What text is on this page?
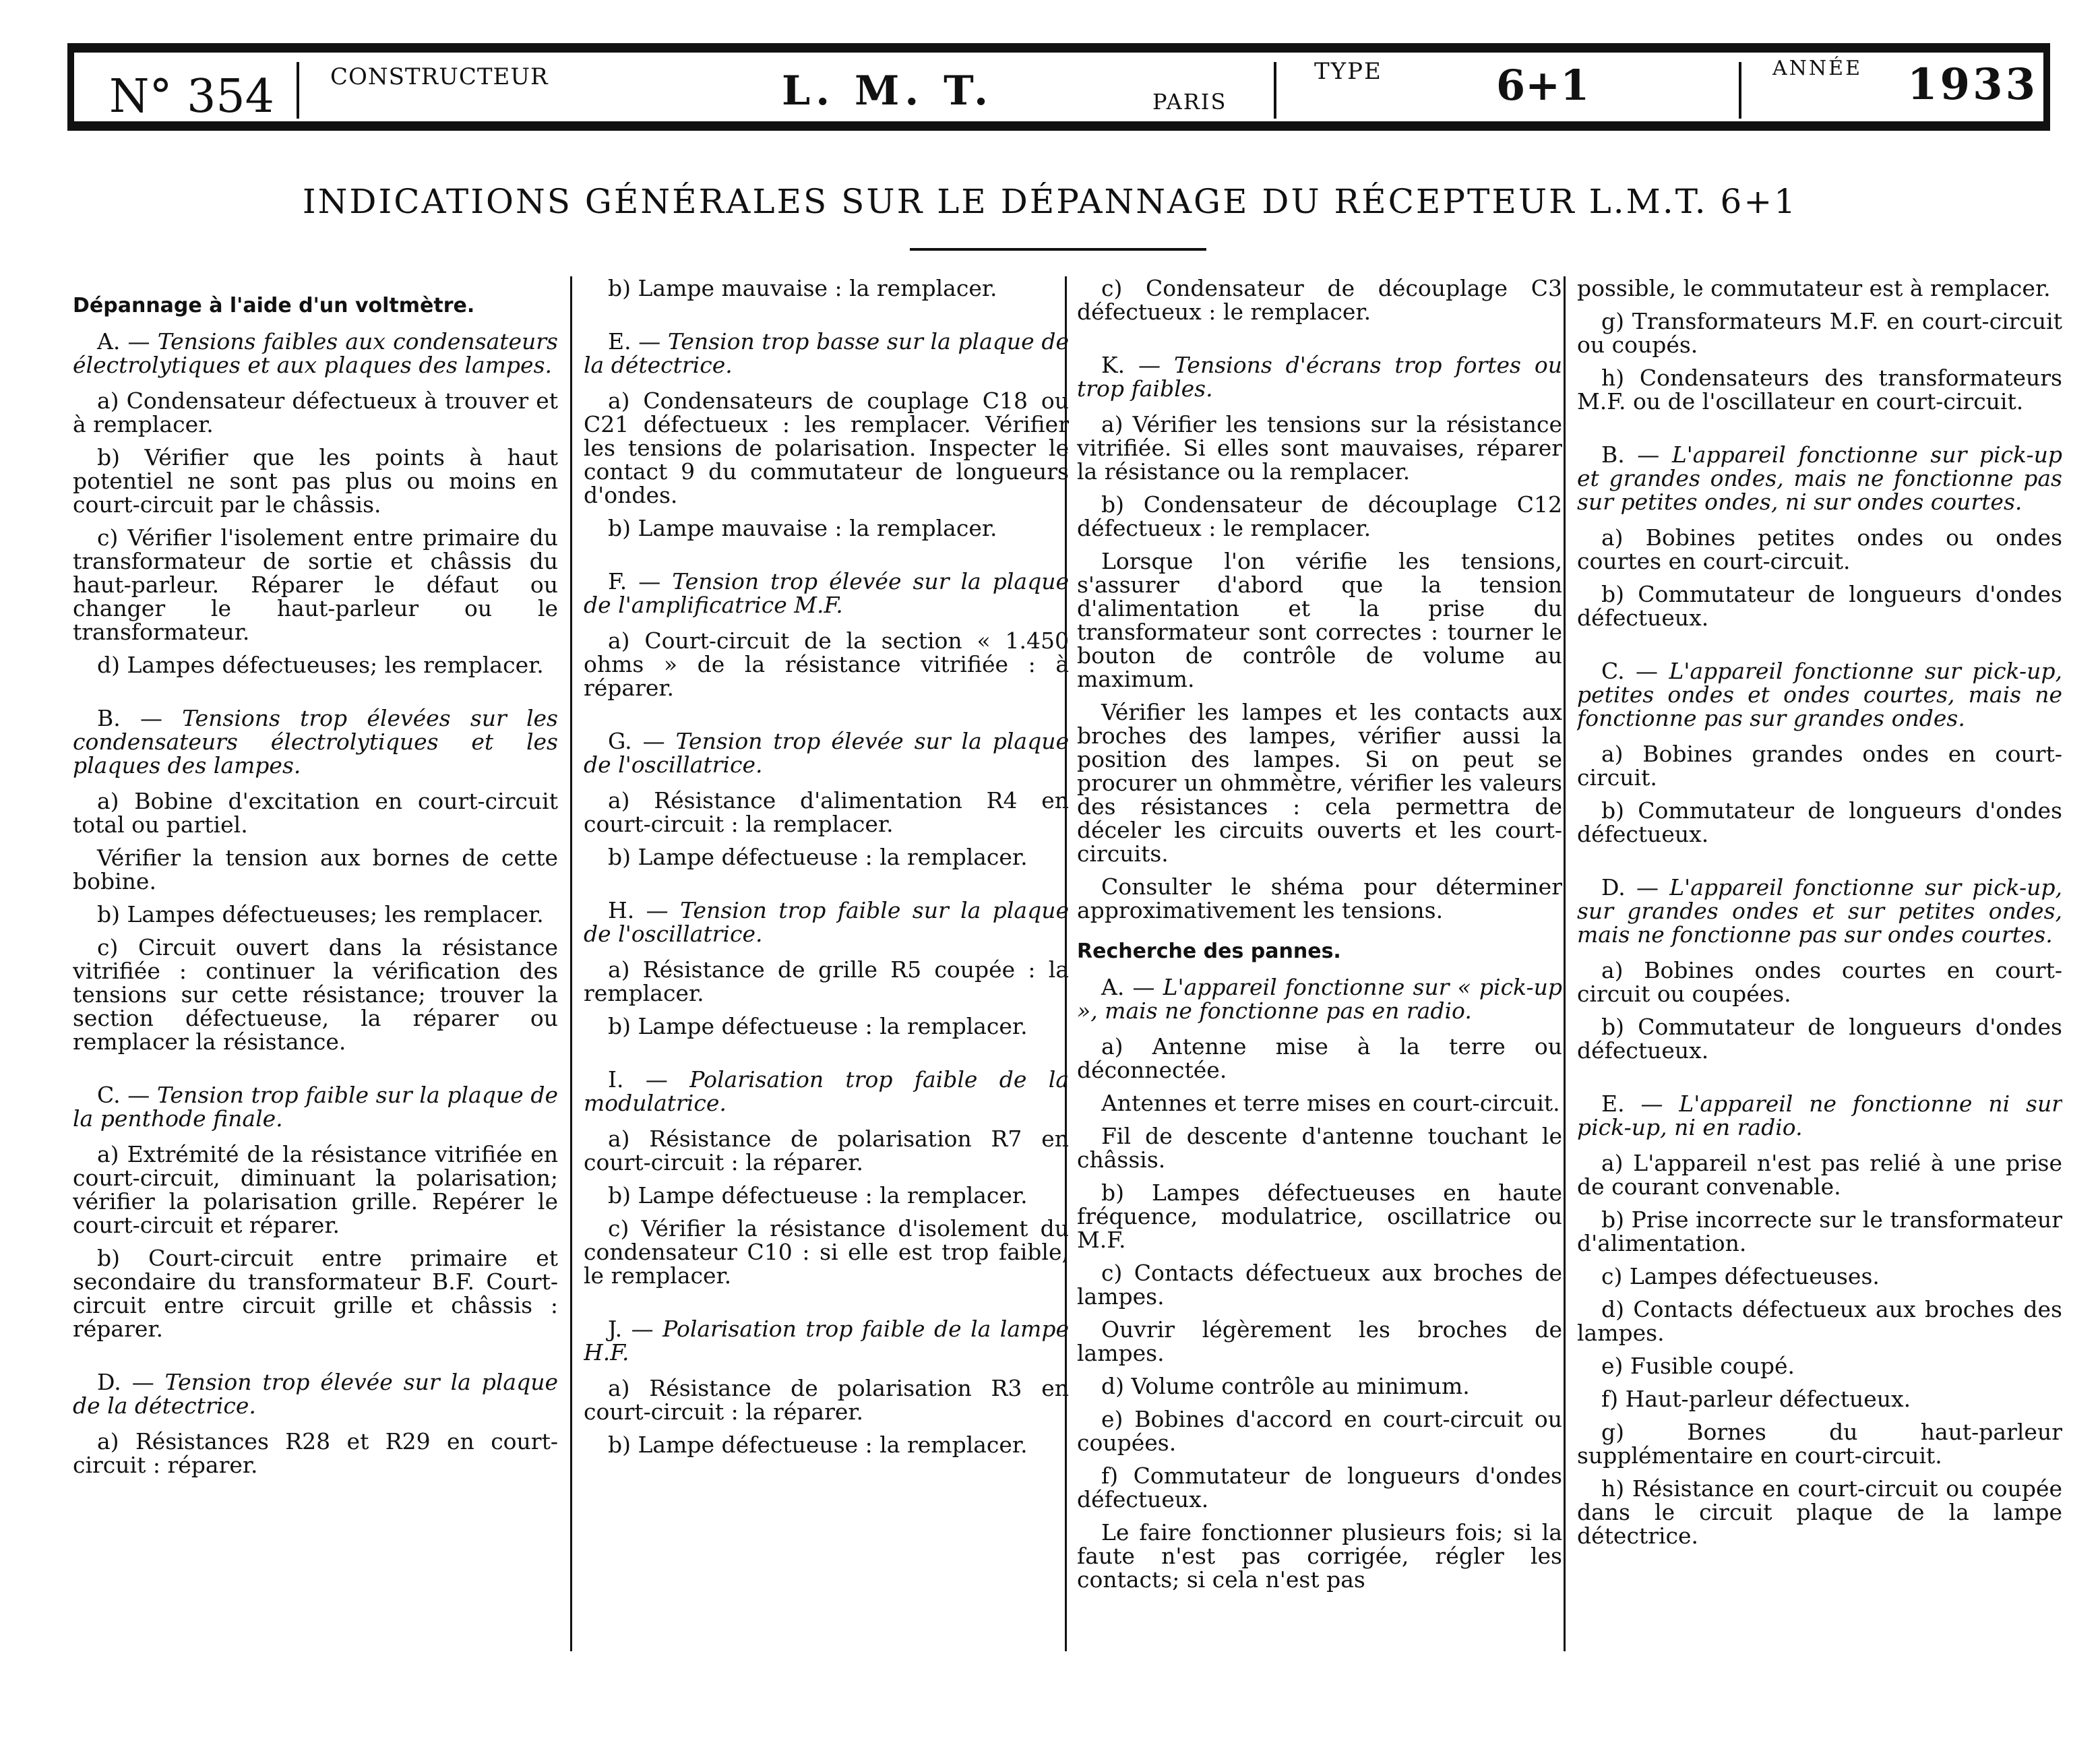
N° 354 CONSTRUCTEUR	L. M. T.	PARIS
TYPE	6+1	ANNÉE 1933
INDICATIONS GÉNÉRALES SUR LE DÉPANNAGE DU RÉCEPTEUR L.M.T. 6+1
Dépannage à l'aide d'un voltmètre.

A. — Tensions faibles aux condensateurs électrolytiques et aux plaques des lampes.

a) Condensateur défectueux à trouver et à remplacer.

b) Vérifier que les points à haut potentiel ne sont pas plus ou moins en court-circuit par le châssis.

c) Vérifier l'isolement entre primaire du transformateur de sortie et châssis du haut-parleur. Réparer le défaut ou changer le haut-parleur ou le transformateur.

d) Lampes défectueuses; les remplacer.

B. — Tensions trop élevées sur les condensateurs électrolytiques et les plaques des lampes.

a) Bobine d'excitation en court-circuit total ou partiel.

Vérifier la tension aux bornes de cette bobine.

b) Lampes défectueuses; les remplacer.

c) Circuit ouvert dans la résistance vitrifiée : continuer la vérification des tensions sur cette résistance; trouver la section défectueuse, la réparer ou remplacer la résistance.

C. — Tension trop faible sur la plaque de la penthode finale.

a) Extrémité de la résistance vitrifiée en court-circuit, diminuant la polarisation; vérifier la polarisation grille. Repérer le court-circuit et réparer.

b) Court-circuit entre primaire et secondaire du transformateur B.F. Court-circuit entre circuit grille et châssis : réparer.

D. — Tension trop élevée sur la plaque de la détectrice.

a) Résistances R28 et R29 en court-circuit : réparer.

b) Lampe mauvaise : la remplacer.

E. — Tension trop basse sur la plaque de la détectrice.

a) Condensateurs de couplage C18 ou C21 défectueux : les remplacer. Vérifier les tensions de polarisation. Inspecter le contact 9 du commutateur de longueurs d'ondes.

b) Lampe mauvaise : la remplacer.

F. — Tension trop élevée sur la plaque de l'amplificatrice M.F.

a) Court-circuit de la section « 1.450 ohms » de la résistance vitrifiée : à réparer.

G. — Tension trop élevée sur la plaque de l'oscillatrice.

a) Résistance d'alimentation R4 en court-circuit : la remplacer.

b) Lampe défectueuse : la remplacer.

H. — Tension trop faible sur la plaque de l'oscillatrice.

a) Résistance de grille R5 coupée : la remplacer.

b) Lampe défectueuse : la remplacer.

I. — Polarisation trop faible de la modulatrice.

a) Résistance de polarisation R7 en court-circuit : la réparer.

b) Lampe défectueuse : la remplacer.

c) Vérifier la résistance d'isolement du condensateur C10 : si elle est trop faible, le remplacer.

J. — Polarisation trop faible de la lampe H.F.

a) Résistance de polarisation R3 en court-circuit : la réparer.

b) Lampe défectueuse : la remplacer.

c) Condensateur de découplage C3 défectueux : le remplacer.

K. — Tensions d'écrans trop fortes ou trop faibles.

a) Vérifier les tensions sur la résistance vitrifiée. Si elles sont mauvaises, réparer la résistance ou la remplacer.

b) Condensateur de découplage C12 défectueux : le remplacer.

Lorsque l'on vérifie les tensions, s'assurer d'abord que la tension d'alimentation et la prise du transformateur sont correctes : tourner le bouton de contrôle de volume au maximum.

Vérifier les lampes et les contacts aux broches des lampes, vérifier aussi la position des lampes. Si on peut se procurer un ohmmètre, vérifier les valeurs des résistances : cela permettra de déceler les circuits ouverts et les court-circuits.

Consulter le shéma pour déterminer approximativement les tensions.

Recherche des pannes.

A. — L'appareil fonctionne sur « pick-up », mais ne fonctionne pas en radio.

a) Antenne mise à la terre ou déconnectée.

Antennes et terre mises en court-circuit.

Fil de descente d'antenne touchant le châssis.

b) Lampes défectueuses en haute fréquence, modulatrice, oscillatrice ou M.F.

c) Contacts défectueux aux broches de lampes.

Ouvrir légèrement les broches de lampes.

d) Volume contrôle au minimum.

e) Bobines d'accord en court-circuit ou coupées.

f) Commutateur de longueurs d'ondes défectueux.

Le faire fonctionner plusieurs fois; si la faute n'est pas corrigée, régler les contacts; si cela n'est pas

possible, le commutateur est à remplacer.

g) Transformateurs M.F. en court-circuit ou coupés.

h) Condensateurs des transformateurs M.F. ou de l'oscillateur en court-circuit.

B. — L'appareil fonctionne sur pick-up et grandes ondes, mais ne fonctionne pas sur petites ondes, ni sur ondes courtes.

a) Bobines petites ondes ou ondes courtes en court-circuit.

b) Commutateur de longueurs d'ondes défectueux.

C. — L'appareil fonctionne sur pick-up, petites ondes et ondes courtes, mais ne fonctionne pas sur grandes ondes.

a) Bobines grandes ondes en court-circuit.

b) Commutateur de longueurs d'ondes défectueux.

D. — L'appareil fonctionne sur pick-up, sur grandes ondes et sur petites ondes, mais ne fonctionne pas sur ondes courtes.

a) Bobines ondes courtes en court-circuit ou coupées.

b) Commutateur de longueurs d'ondes défectueux.

E. — L'appareil ne fonctionne ni sur pick-up, ni en radio.

a) L'appareil n'est pas relié à une prise de courant convenable.

b) Prise incorrecte sur le transformateur d'alimentation.

c) Lampes défectueuses.

d) Contacts défectueux aux broches des lampes.

e) Fusible coupé.

f) Haut-parleur défectueux.

g) Bornes du haut-parleur supplémentaire en court-circuit.

h) Résistance en court-circuit ou coupée dans le circuit plaque de la lampe détectrice.
